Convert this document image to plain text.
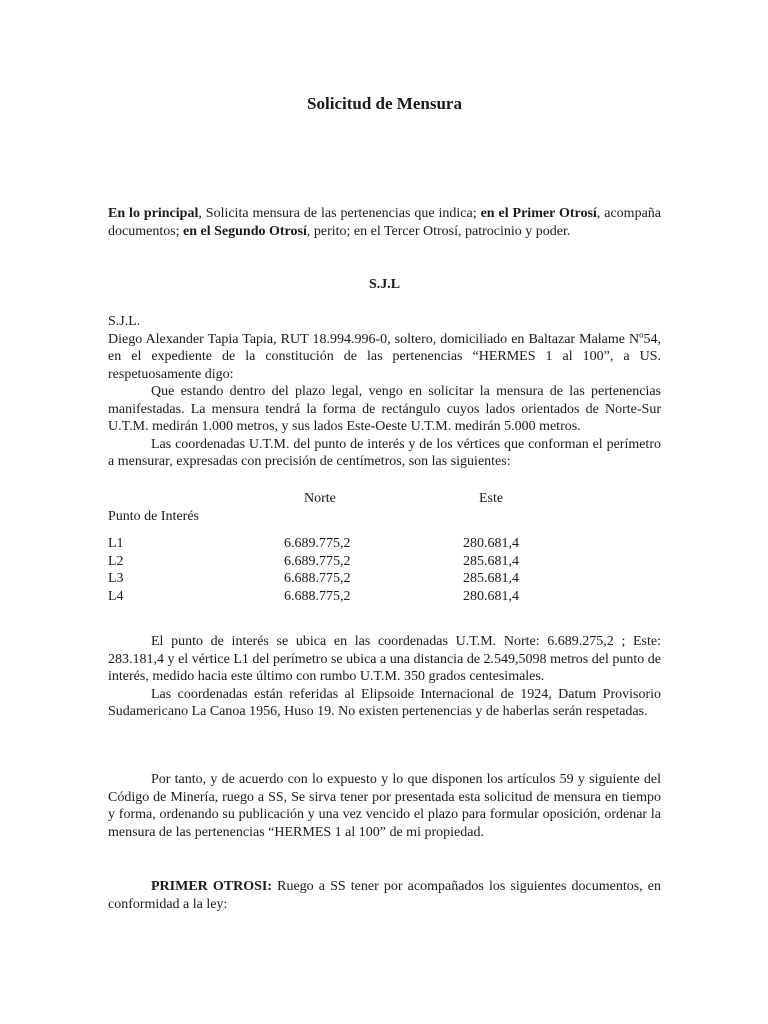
Solicitud de Mensura

En lo principal, Solicita mensura de las pertenencias que indica; en el Primer Otrosí, acompaña documentos; en el Segundo Otrosí, perito; en el Tercer Otrosí, patrocinio y poder.

S.J.L

S.J.L.

Diego Alexander Tapia Tapia, RUT 18.994.996-0, soltero, domiciliado en Baltazar Malame Nº54, en el expediente de la constitución de las pertenencias “HERMES 1 al 100”, a US. respetuosamente digo:

Que estando dentro del plazo legal, vengo en solicitar la mensura de las pertenencias manifestadas. La mensura tendrá la forma de rectángulo cuyos lados orientados de Norte-Sur U.T.M. medirán 1.000 metros, y sus lados Este-Oeste U.T.M. medirán 5.000 metros.

Las coordenadas U.T.M. del punto de interés y de los vértices que conforman el perímetro a mensurar, expresadas con precisión de centímetros, son las siguientes:

Norte	Este
Punto de Interés
L1	6.689.775,2	280.681,4
L2	6.689.775,2	285.681,4
L3	6.688.775,2	285.681,4
L4	6.688.775,2	280.681,4

El punto de interés se ubica en las coordenadas U.T.M. Norte: 6.689.275,2 ; Este: 283.181,4 y el vértice L1 del perímetro se ubica a una distancia de 2.549,5098 metros del punto de interés, medido hacia este último con rumbo U.T.M. 350 grados centesimales.

Las coordenadas están referidas al Elipsoide Internacional de 1924, Datum Provisorio Sudamericano La Canoa 1956, Huso 19. No existen pertenencias y de haberlas serán respetadas.

Por tanto, y de acuerdo con lo expuesto y lo que disponen los artículos 59 y siguiente del Código de Minería, ruego a SS, Se sirva tener por presentada esta solicitud de mensura en tiempo y forma, ordenando su publicación y una vez vencido el plazo para formular oposición, ordenar la mensura de las pertenencias “HERMES 1 al 100” de mi propiedad.

PRIMER OTROSI: Ruego a SS tener por acompañados los siguientes documentos, en conformidad a la ley:
